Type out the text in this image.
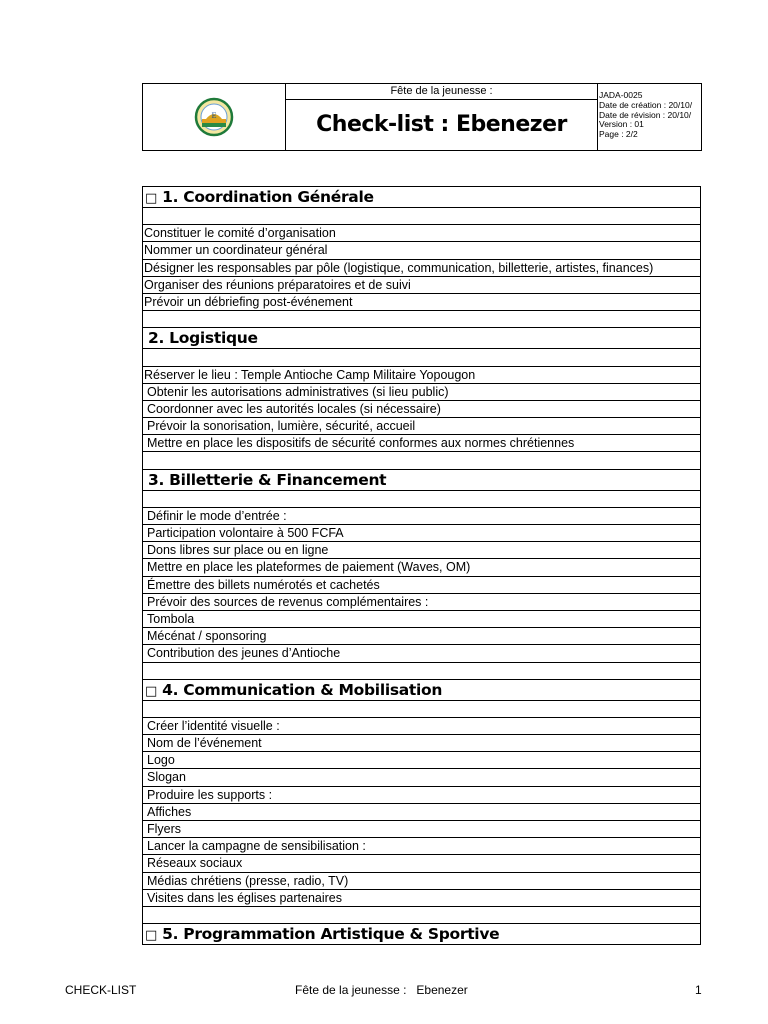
E
Fête de la jeunesse :
Check-list : Ebenezer
JADA-0025
Date de création : 20/10/
Date de révision : 20/10/
Version : 01
Page : 2/2
□ 1. Coordination Générale
Constituer le comité d’organisation
Nommer un coordinateur général
Désigner les responsables par pôle (logistique, communication, billetterie, artistes, finances)
Organiser des réunions préparatoires et de suivi
Prévoir un débriefing post-événement
2. Logistique
Réserver le lieu : Temple Antioche Camp Militaire Yopougon
Obtenir les autorisations administratives (si lieu public)
Coordonner avec les autorités locales (si nécessaire)
Prévoir la sonorisation, lumière, sécurité, accueil
Mettre en place les dispositifs de sécurité conformes aux normes chrétiennes
3. Billetterie & Financement
Définir le mode d’entrée :
Participation volontaire à 500 FCFA
Dons libres sur place ou en ligne
Mettre en place les plateformes de paiement (Waves, OM)
Émettre des billets numérotés et cachetés
Prévoir des sources de revenus complémentaires :
Tombola
Mécénat / sponsoring
Contribution des jeunes d’Antioche
□ 4. Communication & Mobilisation
Créer l’identité visuelle :
Nom de l’événement
Logo
Slogan
Produire les supports :
Affiches
Flyers
Lancer la campagne de sensibilisation :
Réseaux sociaux
Médias chrétiens (presse, radio, TV)
Visites dans les églises partenaires
□ 5. Programmation Artistique & Sportive
CHECK-LIST	Fête de la jeunesse :   Ebenezer	1
